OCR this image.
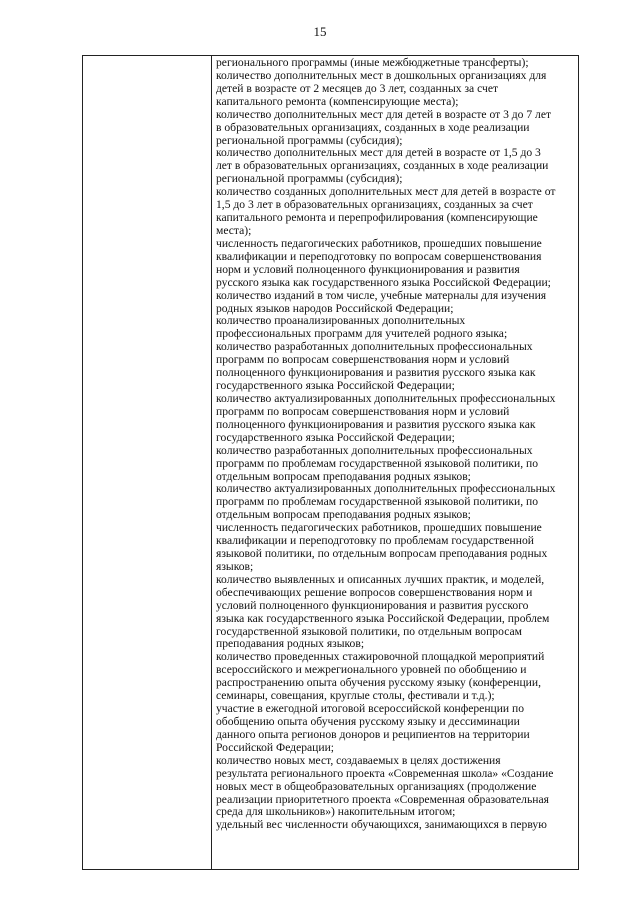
15
регионального программы (иные межбюджетные трансферты);
количество дополнительных мест в дошкольных организациях для
детей в возрасте от 2 месяцев до 3 лет, созданных за счет
капитального ремонта (компенсирующие места);
количество дополнительных мест для детей в возрасте от 3 до 7 лет
в образовательных организациях, созданных в ходе реализации
региональной программы (субсидия);
количество дополнительных мест для детей в возрасте от 1,5 до 3
лет в образовательных организациях, созданных в ходе реализации
региональной программы (субсидия);
количество созданных дополнительных мест для детей в возрасте от
1,5 до 3 лет в образовательных организациях, созданных за счет
капитального ремонта и перепрофилирования (компенсирующие
места);
численность педагогических работников, прошедших повышение
квалификации и переподготовку по вопросам совершенствования
норм и условий полноценного функционирования и развития
русского языка как государственного языка Российской Федерации;
количество изданий в том числе, учебные матерналы для изучения
родных языков народов Российской Федерации;
количество проанализированных дополнительных
профессиональных программ для учителей родного языка;
количество разработанных дополнительных профессиональных
программ по вопросам совершенствования норм и условий
полноценного функционирования и развития русского языка как
государственного языка Российской Федерации;
количество актуализированных дополнительных профессиональных
программ по вопросам совершенствования норм и условий
полноценного функционирования и развития русского языка как
государственного языка Российской Федерации;
количество разработанных дополнительных профессиональных
программ по проблемам государственной языковой политики, по
отдельным вопросам преподавания родных языков;
количество актуализированных дополнительных профессиональных
программ по проблемам государственной языковой политики, по
отдельным вопросам преподавания родных языков;
численность педагогических работников, прошедших повышение
квалификации и переподготовку по проблемам государственной
языковой политики, по отдельным вопросам преподавания родных
языков;
количество выявленных и описанных лучших практик, и моделей,
обеспечивающих решение вопросов совершенствования норм и
условий полноценного функционирования и развития русского
языка как государственного языка Российской Федерации, проблем
государственной языковой политики, по отдельным вопросам
преподавания родных языков;
количество проведенных стажировочной площадкой мероприятий
всероссийского и межрегионального уровней по обобщению и
распространению опыта обучения русскому языку (конференции,
семинары, совещания, круглые столы, фестивали и т.д.);
участие в ежегодной итоговой всероссийской конференции по
обобщению опыта обучения русскому языку и дессиминации
данного опыта регионов доноров и реципиентов на территории
Российской Федерации;
количество новых мест, создаваемых в целях достижения
результата регионального проекта «Современная школа» «Создание
новых мест в общеобразовательных организациях (продолжение
реализации приоритетного проекта «Современная образовательная
среда для школьников») накопительным итогом;
удельный вес численности обучающихся, занимающихся в первую
